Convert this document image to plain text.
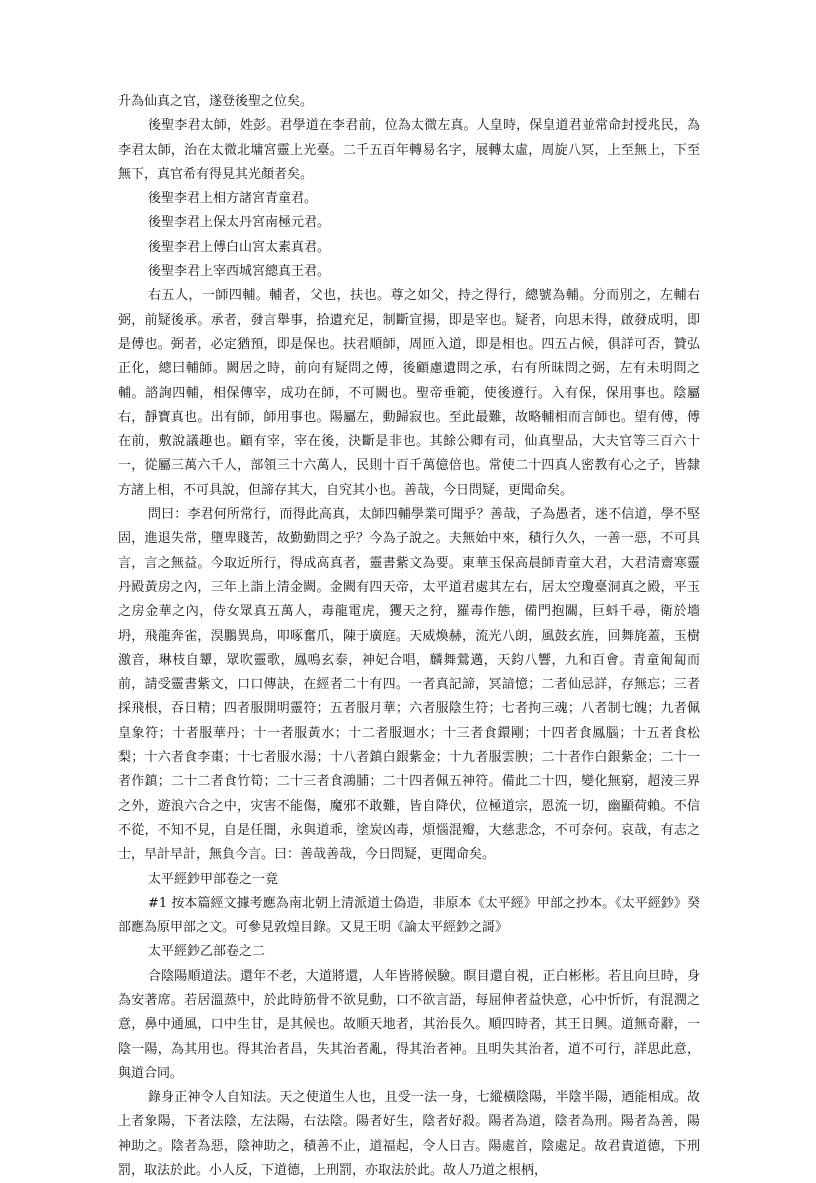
升為仙真之官，遂登後聖之位矣。

後聖李君太師，姓彭。君學道在李君前，位為太微左真。人皇時，保皇道君並常命封授兆民，為李君太師，治在太微北墉宮靈上光臺。二千五百年轉易名字，展轉太虛，周旋八冥，上至無上，下至無下，真官希有得見其光顏者矣。

後聖李君上相方諸宮青童君。

後聖李君上保太丹宮南極元君。

後聖李君上傅白山宮太素真君。

後聖李君上宰西城宮總真王君。

右五人，一師四輔。輔者，父也，扶也。尊之如父，持之得行，總號為輔。分而別之，左輔右弼，前疑後承。承者，發言舉事，拾遺充足，制斷宣揚，即是宰也。疑者，向思未得，啟發成明，即是傅也。弼者，必定猶預，即是保也。扶君順師，周匝入道，即是相也。四五占候，俱詳可否，贊弘正化，總曰輔師。闕居之時，前向有疑問之傅，後顧慮遺問之承，右有所昧問之弼，左有未明問之輔。諮詢四輔，相保傳宰，成功在師，不可闕也。聖帝垂範，使後遵行。入有保，保用事也。陰屬右，靜寶真也。出有師，師用事也。陽屬左，動歸寂也。至此最難，故略輔相而言師也。望有傅，傅在前，敷說議趣也。顧有宰，宰在後，決斷是非也。其餘公卿有司，仙真聖品，大夫官等三百六十一，從屬三萬六千人，部領三十六萬人，民則十百千萬億倍也。常使二十四真人密教有心之子，皆隸方諸上相，不可具說，但諦存其大，自究其小也。善哉，今日問疑，更聞命矣。

問曰：李君何所常行，而得此高真，太師四輔學業可聞乎？善哉，子為愚者，迷不信道，學不堅固，進退失常，墮卑賤苦，故勤勤問之乎？今為子說之。夫無始中來，積行久久，一善一惡，不可具言，言之無益。今取近所行，得成高真者，靈書紫文為要。東華玉保高晨師青童大君，大君清齋寒靈丹殿黃房之內，三年上詣上清金闕。金闕有四天帝，太平道君處其左右，居太空瓊臺洞真之殿，平玉之房金華之內，侍女眾真五萬人，毒龍電虎，玃天之狩，羅毒作態，備門抱關，巨蚪千尋，衛於墻坍，飛龍奔雀，淏鵬異鳥，叩啄奮爪，陳于廣庭。天威煥赫，流光八朗，風鼓玄旌，回舞旄蓋，玉樹激音，琳枝自顰，眾吹靈歌，鳳鳴玄泰，神妃合唱，麟舞鶯邁，天鈞八響，九和百會。青童匍匐而前，請受靈書紫文，口口傳訣，在經者二十有四。一者真記諦，冥諳憶；二者仙忌詳，存無忘；三者採飛根，吞日精；四者服開明靈符；五者服月華；六者服陰生符；七者拘三魂；八者制七魄；九者佩皇象符；十者服華丹；十一者服黃水；十二者服迴水；十三者食鐶剛；十四者食鳳腦；十五者食松梨；十六者食李棗；十七者服水湯；十八者鎮白銀紫金；十九者服雲腴；二十者作白銀紫金；二十一者作鎮；二十二者食竹筍；二十三者食鴻脯；二十四者佩五神符。備此二十四，變化無窮，超淩三界之外，遊浪六合之中，灾害不能傷，魔邪不敢難，皆自降伏，位極道宗，恩流一切，幽顯荷賴。不信不從，不知不見，自是任闇，永與道乖，塗炭凶毒，煩惱混瓣，大慈悲念，不可奈何。哀哉，有志之士，早計早計，無負今言。曰：善哉善哉，今日問疑，更聞命矣。

太平經鈔甲部卷之一竟

#1 按本篇經文據考應為南北朝上清派道士偽造，非原本《太平經》甲部之抄本。《太平經鈔》癸部應為原甲部之文。可參見敦煌目錄。又見王明《論太平經鈔之謌》

太平經鈔乙部卷之二

合陰陽順道法。還年不老，大道將還，人年皆將候驗。瞑目還自視，正白彬彬。若且向旦時，身為安著席。若居溫蒸中，於此時筋骨不欲見動，口不欲言語，每屈伸者益快意，心中忻忻，有混潤之意，鼻中通風，口中生甘，是其候也。故順天地者，其治長久。順四時者，其王日興。道無奇辭，一陰一陽，為其用也。得其治者昌，失其治者亂，得其治者神。且明失其治者，道不可行，詳思此意，與道合同。

錄身正神令人自知法。天之使道生人也，且受一法一身，七縱橫陰陽，半陰半陽，迺能相成。故上者象陽，下者法陰，左法陽，右法陰。陽者好生，陰者好殺。陽者為道，陰者為刑。陽者為善，陽神助之。陰者為惡，陰神助之，積善不止，道福起，令人日吉。陽處首，陰處足。故君貴道德，下刑罰，取法於此。小人反，下道德，上刑罰，亦取法於此。故人乃道之根柄，
